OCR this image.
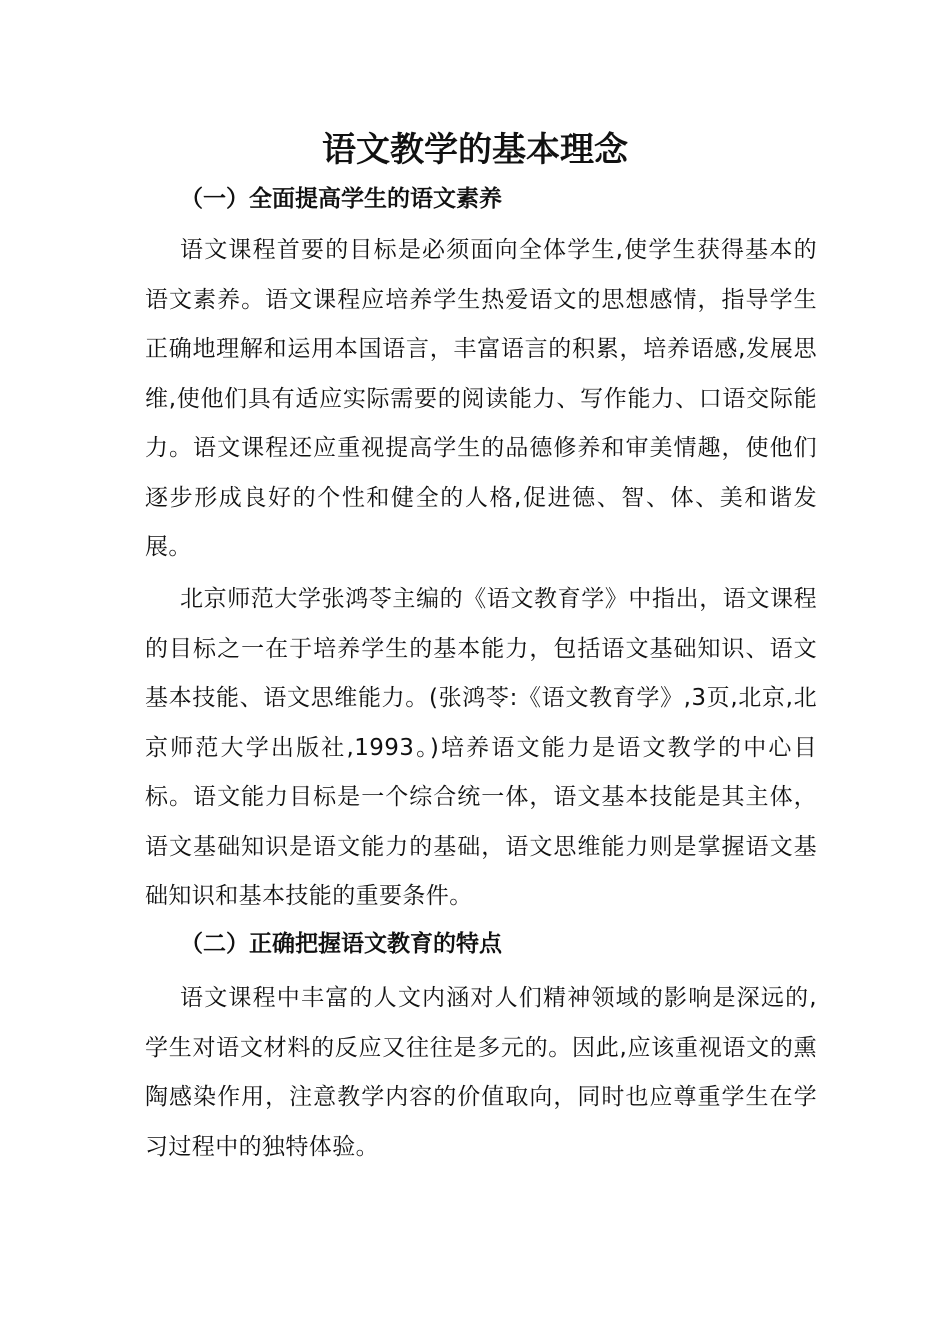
语文教学的基本理念
（一）全面提高学生的语文素养

语文课程首要的目标是必须面向全体学生,使学生获得基本的语文素养。语文课程应培养学生热爱语文的思想感情，指导学生正确地理解和运用本国语言，丰富语言的积累，培养语感,发展思维,使他们具有适应实际需要的阅读能力、写作能力、口语交际能力。语文课程还应重视提高学生的品德修养和审美情趣，使他们逐步形成良好的个性和健全的人格,促进德、智、体、美和谐发展。

北京师范大学张鸿苓主编的《语文教育学》中指出，语文课程的目标之一在于培养学生的基本能力，包括语文基础知识、语文基本技能、语文思维能力。(张鸿苓:《语文教育学》,3页,北京,北京师范大学出版社,1993。)培养语文能力是语文教学的中心目标。语文能力目标是一个综合统一体，语文基本技能是其主体，语文基础知识是语文能力的基础，语文思维能力则是掌握语文基础知识和基本技能的重要条件。

（二）正确把握语文教育的特点

语文课程中丰富的人文内涵对人们精神领域的影响是深远的,学生对语文材料的反应又往往是多元的。因此,应该重视语文的熏陶感染作用，注意教学内容的价值取向，同时也应尊重学生在学习过程中的独特体验。
